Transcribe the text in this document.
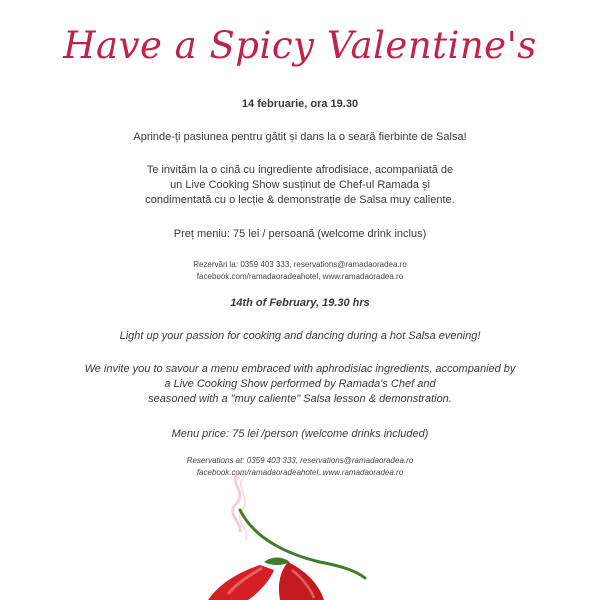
Have a Spicy Valentine's
14 februarie, ora 19.30
Aprinde-ți pasiunea pentru gătit și dans la o seară fierbinte de Salsa!
Te invităm la o cină cu ingrediente afrodisiace, acompaniată de
un Live Cooking Show susținut de Chef-ul Ramada și
condimentată cu o lecție & demonstrație de Salsa muy caliente.
Preț meniu: 75 lei / persoană (welcome drink inclus)
Rezervări la: 0359 403 333, reservations@ramadaoradea.ro
facebook.com/ramadaoradeahotel, www.ramadaoradea.ro
14th of February, 19.30 hrs
Light up your passion for cooking and dancing during a hot Salsa evening!
We invite you to savour a menu embraced with aphrodisiac ingredients, accompanied by
a Live Cooking Show performed by Ramada's Chef and
seasoned with a "muy caliente" Salsa lesson & demonstration.
Menu price: 75 lei /person (welcome drinks included)
Reservations at: 0359 403 333, reservations@ramadaoradea.ro
facebook.com/ramadaoradeahotel, www.ramadaoradea.ro
